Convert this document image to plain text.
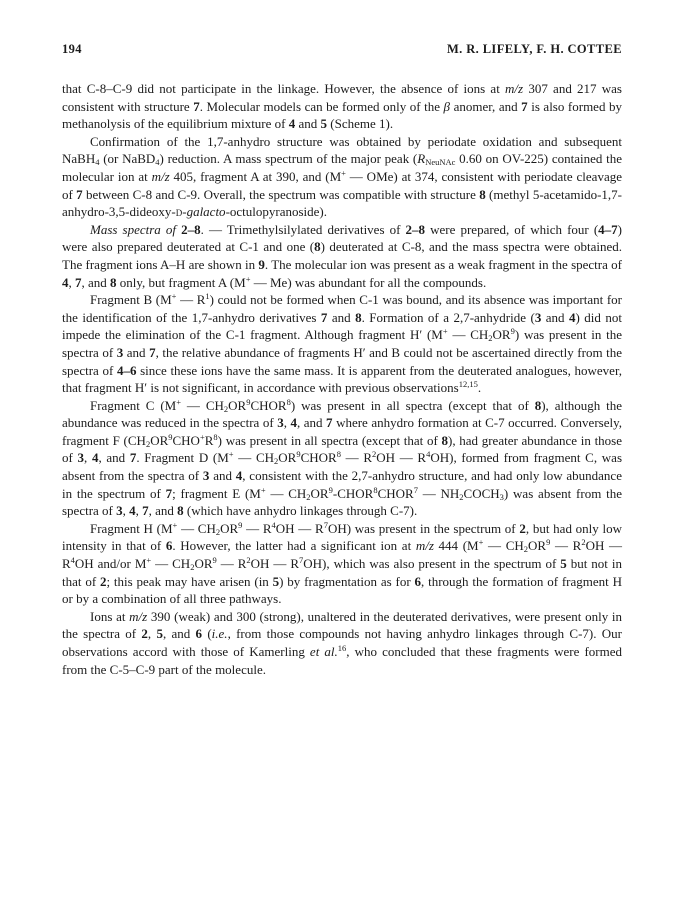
194	M. R. LIFELY, F. H. COTTEE

that C-8–C-9 did not participate in the linkage. However, the absence of ions at m/z 307 and 217 was consistent with structure 7. Molecular models can be formed only of the β anomer, and 7 is also formed by methanolysis of the equilibrium mixture of 4 and 5 (Scheme 1).

Confirmation of the 1,7-anhydro structure was obtained by periodate oxidation and subsequent NaBH$_4$ (or NaBD$_4$) reduction. A mass spectrum of the major peak ($R_{NeuNAc}$ 0.60 on OV-225) contained the molecular ion at m/z 405, fragment A at 390, and (M+ — OMe) at 374, consistent with periodate cleavage of 7 between C-8 and C-9. Overall, the spectrum was compatible with structure 8 (methyl 5-acetamido-1,7-anhydro-3,5-dideoxy-d-galacto-octulopyranoside).

Mass spectra of 2–8. — Trimethylsilylated derivatives of 2–8 were prepared, of which four (4–7) were also prepared deuterated at C-1 and one (8) deuterated at C-8, and the mass spectra were obtained. The fragment ions A–H are shown in 9. The molecular ion was present as a weak fragment in the spectra of 4, 7, and 8 only, but fragment A (M+ — Me) was abundant for all the compounds.

Fragment B (M+ — $R^1$) could not be formed when C-1 was bound, and its absence was important for the identification of the 1,7-anhydro derivatives 7 and 8. Formation of a 2,7-anhydride (3 and 4) did not impede the elimination of the C-1 fragment. Although fragment H′ (M+ — $CH_2OR^9$) was present in the spectra of 3 and 7, the relative abundance of fragments H′ and B could not be ascertained directly from the spectra of 4–6 since these ions have the same mass. It is apparent from the deuterated analogues, however, that fragment H′ is not significant, in accordance with previous observations$^{12,15}$.

Fragment C (M+ — $CH_2OR^9CHOR^8$) was present in all spectra (except that of 8), although the abundance was reduced in the spectra of 3, 4, and 7 where anhydro formation at C-7 occurred. Conversely, fragment F $(CH_2OR^9CHO^+R^8)$ was present in all spectra (except that of 8), had greater abundance in those of 3, 4, and 7. Fragment D (M+ — $CH_2OR^9CHOR^8$ — $R^2OH$ — $R^4OH$), formed from fragment C, was absent from the spectra of 3 and 4, consistent with the 2,7-anhydro structure, and had only low abundance in the spectrum of 7; fragment E (M+ — $CH_2OR^9-CHOR^8CHOR^7$ — $NH_2COCH_3$) was absent from the spectra of 3, 4, 7, and 8 (which have anhydro linkages through C-7).

Fragment H (M+ — $CH_2OR^9$ — $R^4OH$ — $R^7OH$) was present in the spectrum of 2, but had only low intensity in that of 6. However, the latter had a significant ion at m/z 444 (M+ — $CH_2OR^9$ — $R^2OH$ — $R^4OH$ and/or M+ — $CH_2OR^9$ — $R^2OH$ — $R^7OH$), which was also present in the spectrum of 5 but not in that of 2; this peak may have arisen (in 5) by fragmentation as for 6, through the formation of fragment H or by a combination of all three pathways.

Ions at m/z 390 (weak) and 300 (strong), unaltered in the deuterated derivatives, were present only in the spectra of 2, 5, and 6 (i.e., from those compounds not having anhydro linkages through C-7). Our observations accord with those of Kamerling et al.$^{16}$, who concluded that these fragments were formed from the C-5–C-9 part of the molecule.
